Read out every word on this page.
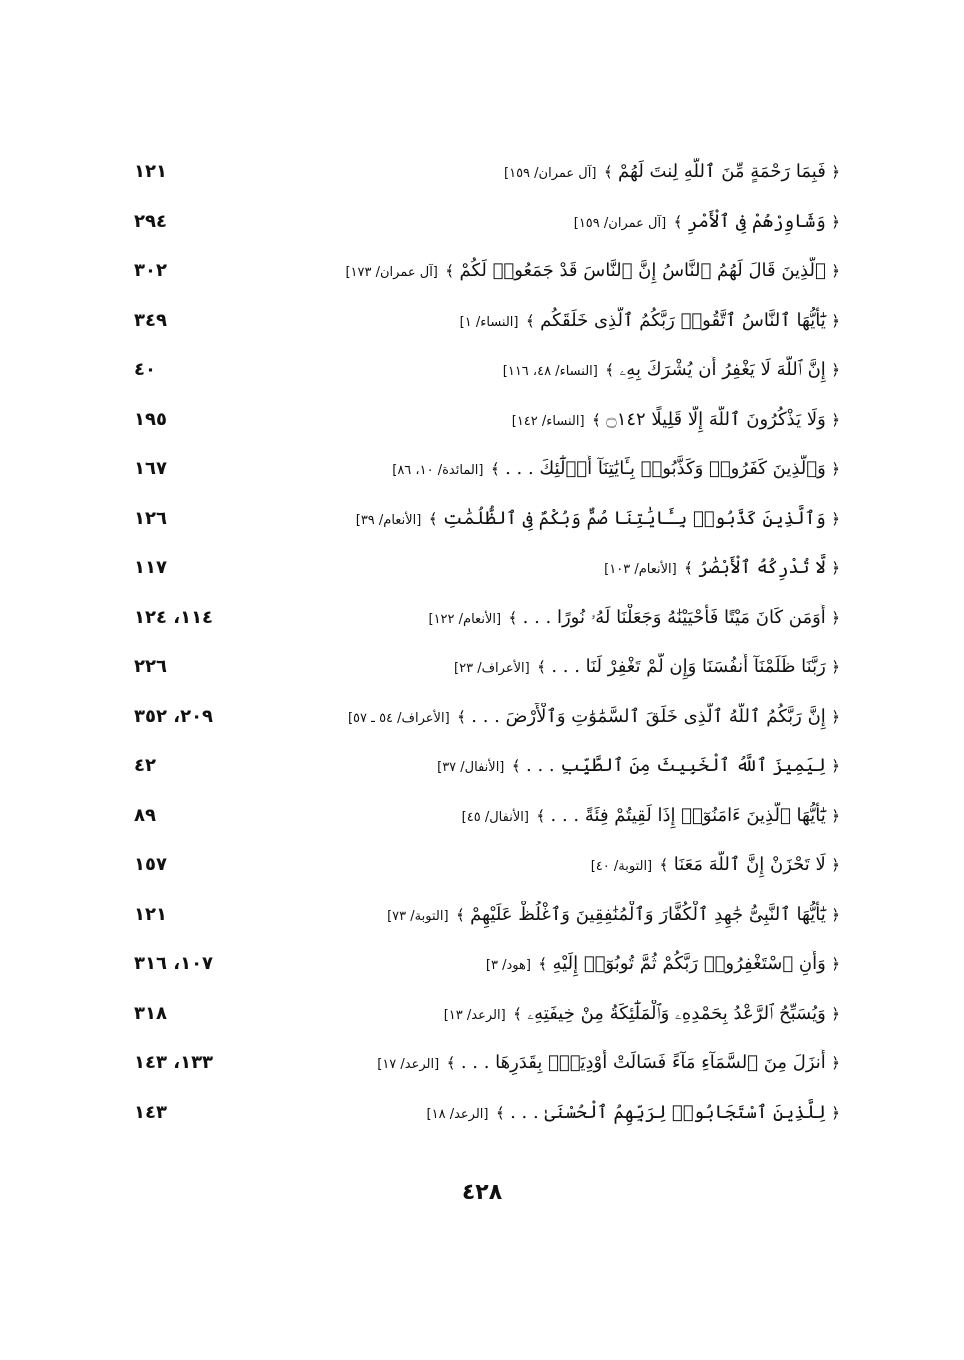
﴿ فَبِمَا رَحْمَةٍ مِّنَ ٱللَّهِ لِنتَ لَهُمْ ﴾ [آل عمران/ ١٥٩]
١٢١
﴿ وَشَاوِرْهُمْ فِى ٱلْأَمْرِ ﴾ [آل عمران/ ١٥٩]
٢٩٤
﴿ ٱلَّذِينَ قَالَ لَهُمُ ٱلنَّاسُ إِنَّ ٱلنَّاسَ قَدْ جَمَعُوا۟ لَكُمْ ﴾ [آل عمران/ ١٧٣]
٣٠٢
﴿ يَٰٓأَيُّهَا ٱلنَّاسُ ٱتَّقُوا۟ رَبَّكُمُ ٱلَّذِى خَلَقَكُم ﴾ [النساء/ ١]
٣٤٩
﴿ إِنَّ ٱللَّهَ لَا يَغْفِرُ أَن يُشْرَكَ بِهِۦ ﴾ [النساء/ ٤٨، ١١٦]
٤٠
﴿ وَلَا يَذْكُرُونَ ٱللَّهَ إِلَّا قَلِيلًا ۝١٤٢ ﴾ [النساء/ ١٤٢]
١٩٥
﴿ وَٱلَّذِينَ كَفَرُوا۟ وَكَذَّبُوا۟ بِـَٔايَٰتِنَآ أُو۟لَٰٓئِكَ . . . ﴾ [المائدة/ ١٠، ٨٦]
١٦٧
﴿ وَٱلَّذِينَ كَذَّبُوا۟ بِـَٔايَٰتِنَا صُمٌّ وَبُكْمٌ فِى ٱلظُّلُمَٰتِ ﴾ [الأنعام/ ٣٩]
١٢٦
﴿ لَّا تُدْرِكُهُ ٱلْأَبْصَٰرُ ﴾ [الأنعام/ ١٠٣]
١١٧
﴿ أَوَمَن كَانَ مَيْتًا فَأَحْيَيْنَٰهُ وَجَعَلْنَا لَهُۥ نُورًا . . . ﴾ [الأنعام/ ١٢٢]
١١٤، ١٢٤
﴿ رَبَّنَا ظَلَمْنَآ أَنفُسَنَا وَإِن لَّمْ تَغْفِرْ لَنَا . . . ﴾ [الأعراف/ ٢٣]
٢٢٦
﴿ إِنَّ رَبَّكُمُ ٱللَّهُ ٱلَّذِى خَلَقَ ٱلسَّمَٰوَٰتِ وَٱلْأَرْضَ . . . ﴾ [الأعراف/ ٥٤ ـ ٥٧]
٢٠٩، ٣٥٢
﴿ لِيَمِيزَ ٱللَّهُ ٱلْخَبِيثَ مِنَ ٱلطَّيِّبِ . . . ﴾ [الأنفال/ ٣٧]
٤٢
﴿ يَٰٓأَيُّهَا ٱلَّذِينَ ءَامَنُوٓا۟ إِذَا لَقِيتُمْ فِئَةً . . . ﴾ [الأنفال/ ٤٥]
٨٩
﴿ لَا تَحْزَنْ إِنَّ ٱللَّهَ مَعَنَا ﴾ [التوبة/ ٤٠]
١٥٧
﴿ يَٰٓأَيُّهَا ٱلنَّبِىُّ جَٰهِدِ ٱلْكُفَّارَ وَٱلْمُنَٰفِقِينَ وَٱغْلُظْ عَلَيْهِمْ ﴾ [التوبة/ ٧٣]
١٢١
﴿ وَأَنِ ٱسْتَغْفِرُوا۟ رَبَّكُمْ ثُمَّ تُوبُوٓا۟ إِلَيْهِ ﴾ [هود/ ٣]
١٠٧، ٣١٦
﴿ وَيُسَبِّحُ ٱلرَّعْدُ بِحَمْدِهِۦ وَٱلْمَلَٰٓئِكَةُ مِنْ خِيفَتِهِۦ ﴾ [الرعد/ ١٣]
٣١٨
﴿ أَنزَلَ مِنَ ٱلسَّمَآءِ مَآءً فَسَالَتْ أَوْدِيَةٌۢ بِقَدَرِهَا . . . ﴾ [الرعد/ ١٧]
١٣٣، ١٤٣
﴿ لِلَّذِينَ ٱسْتَجَابُوا۟ لِرَبِّهِمُ ٱلْحُسْنَىٰ . . . ﴾ [الرعد/ ١٨]
١٤٣
٤٢٨
